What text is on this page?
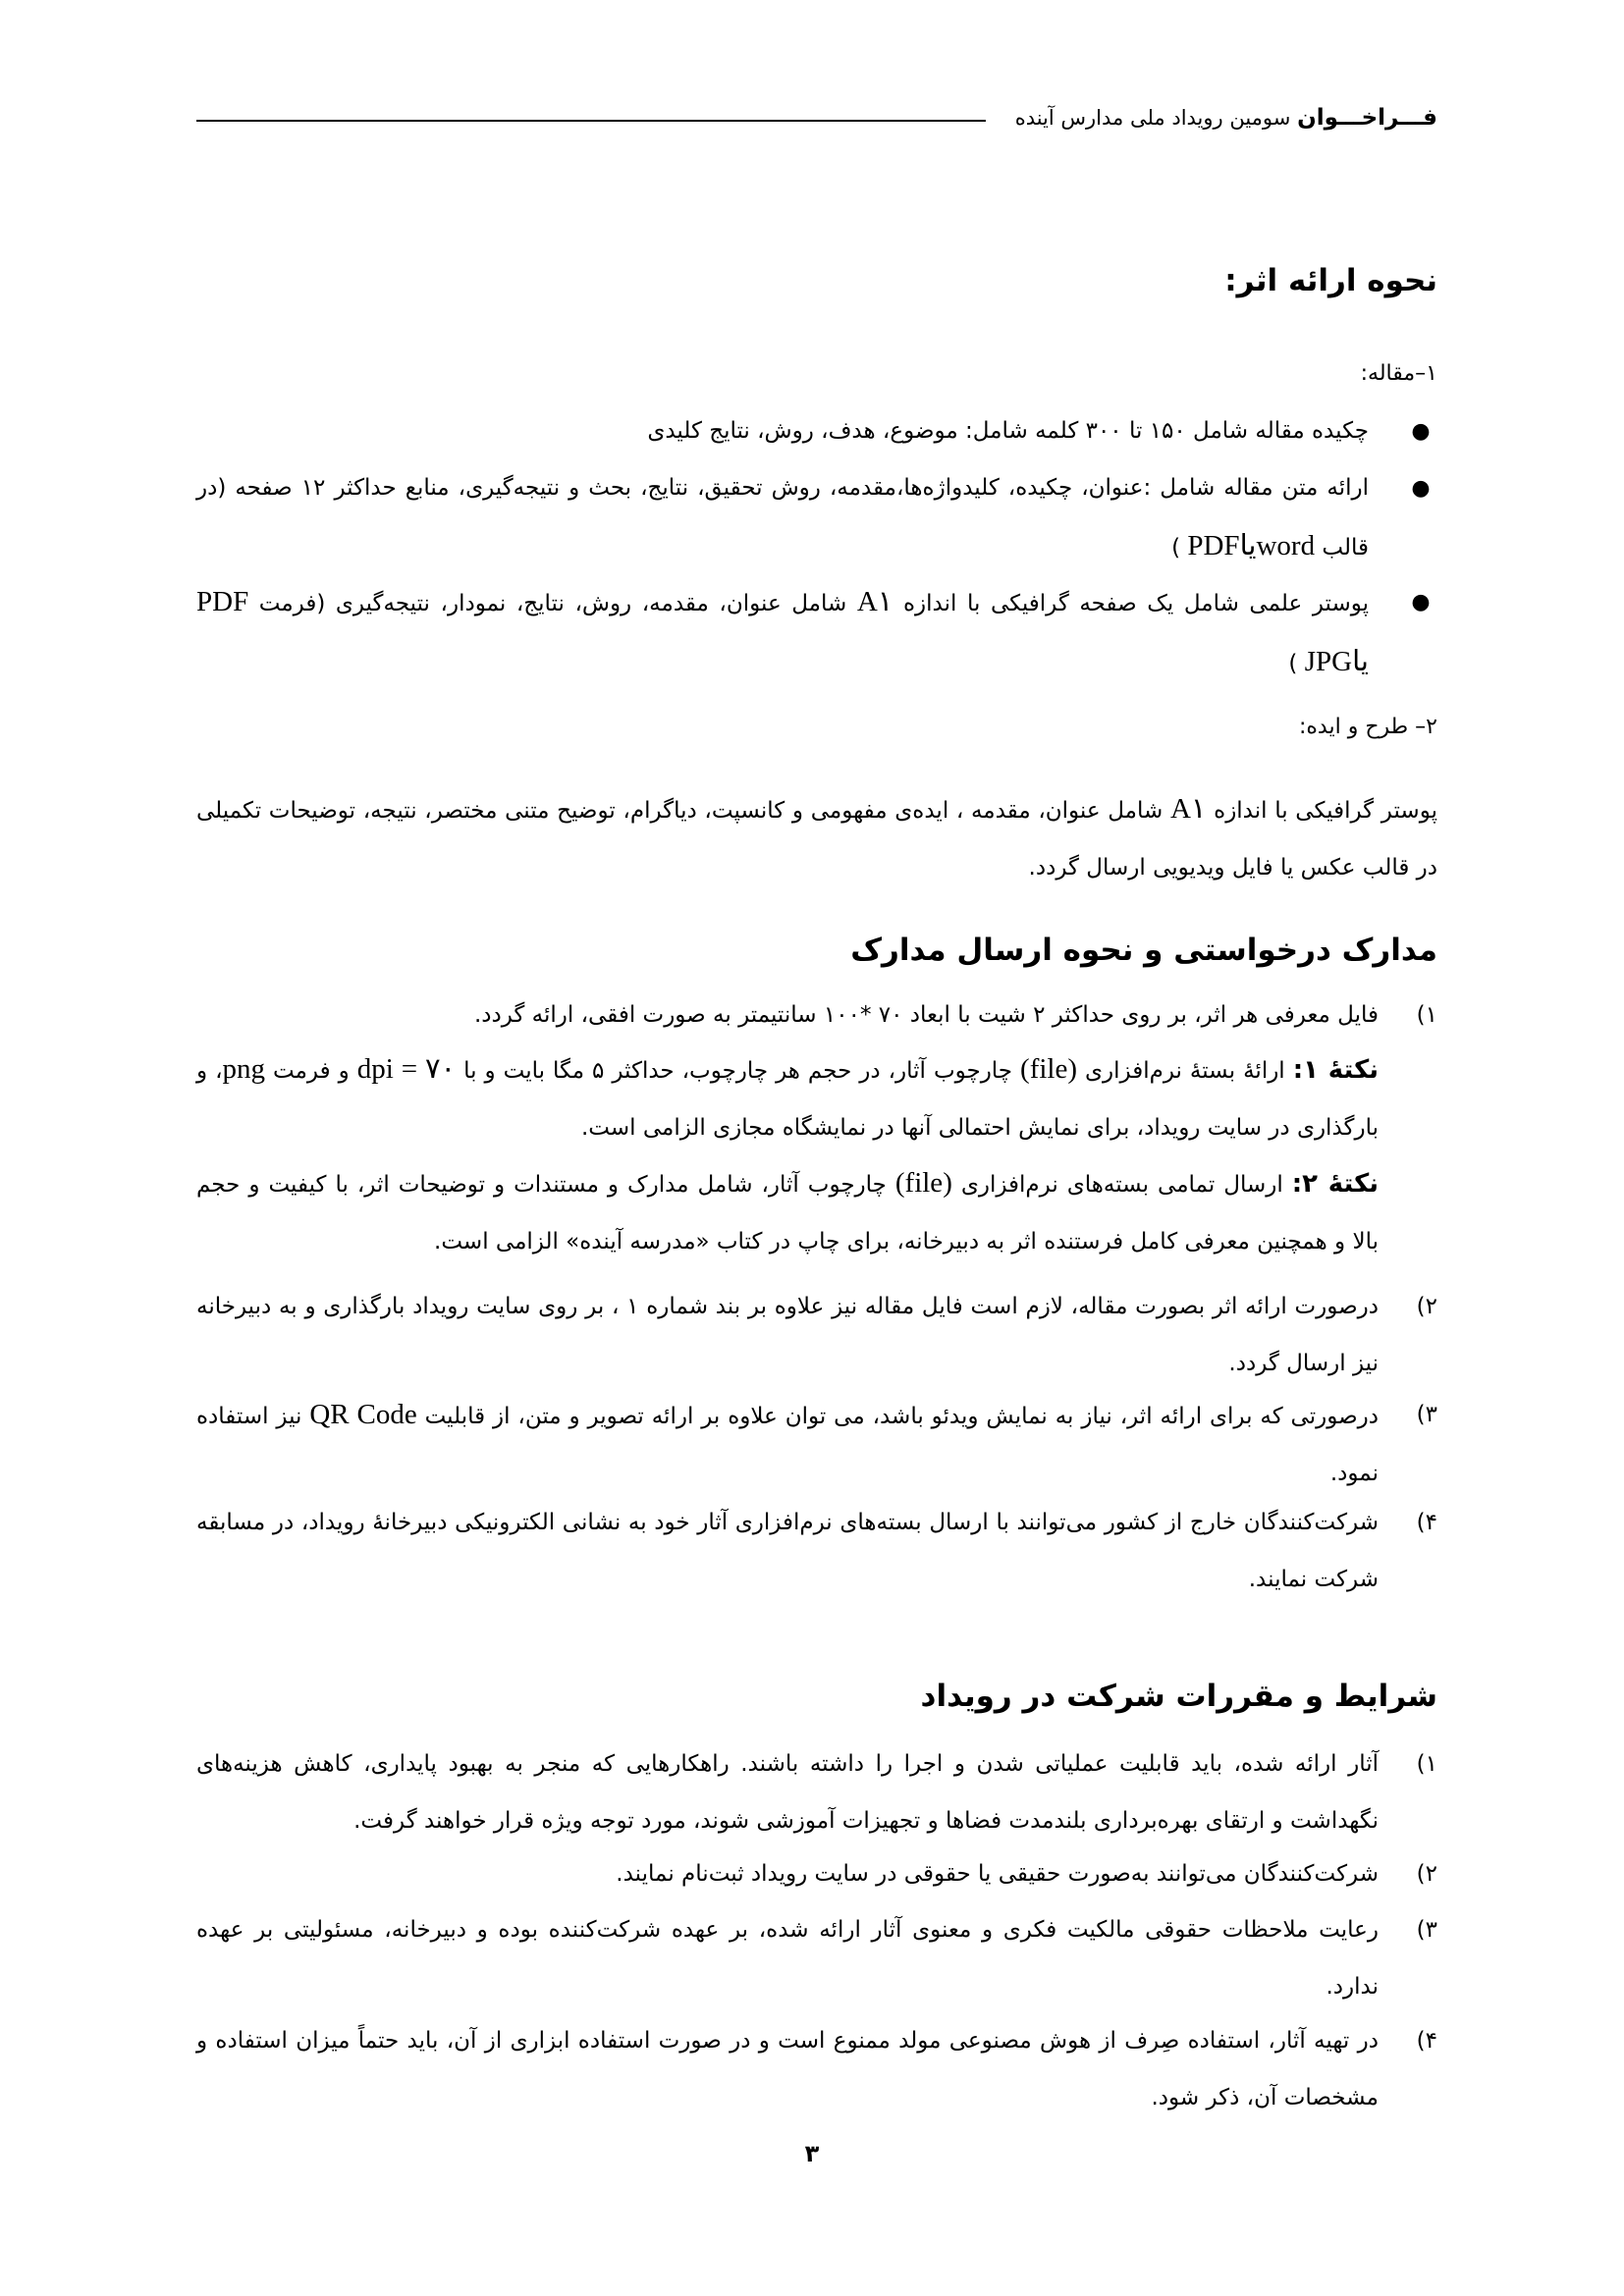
فـــراخـــوان سومین رویداد ملی مدارس آینده
نحوه ارائه اثر:
۱–مقاله:
●
چکیده مقاله شامل ۱۵۰ تا ۳۰۰ کلمه شامل: موضوع، هدف، روش، نتایج کلیدی
●
ارائه متن مقاله شامل :عنوان، چکیده، کلیدواژه‌ها،مقدمه، روش تحقیق، نتایج، بحث و نتیجه‌گیری، منابع حداکثر ۱۲ صفحه (در قالب wordیاPDF )
●
پوستر علمی شامل یک صفحه گرافیکی با اندازه A۱ شامل عنوان، مقدمه، روش، نتایج، نمودار، نتیجه‌گیری (فرمت PDF یاJPG )
۲– طرح و ایده:
پوستر گرافیکی با اندازه A۱ شامل عنوان، مقدمه ، ایده‌ی مفهومی و کانسپت، دیاگرام، توضیح متنی مختصر، نتیجه، توضیحات تکمیلی در قالب عکس یا فایل ویدیویی ارسال گردد.
مدارک درخواستی و نحوه ارسال مدارک
۱)
فایل معرفی هر اثر، بر روی حداکثر ۲ شیت با ابعاد ۷۰ *۱۰۰ سانتیمتر به صورت افقی، ارائه گردد.
نکتۀ ۱: ارائۀ بستۀ نرم‌افزاری (file) چارچوب آثار، در حجم هر چارچوب، حداکثر ۵ مگا بایت و با dpi = ۷۰ و فرمت png، و بارگذاری در سایت رویداد، برای نمایش احتمالی آنها در نمایشگاه مجازی الزامی است.
نکتۀ ۲: ارسال تمامی بسته‌های نرم‌افزاری (file) چارچوب آثار، شامل مدارک و مستندات و توضیحات اثر، با کیفیت و حجم بالا و همچنین معرفی کامل فرستنده اثر به دبیرخانه، برای چاپ در کتاب «مدرسه آینده» الزامی است.
۲)
درصورت ارائه اثر بصورت مقاله، لازم است فایل مقاله نیز علاوه بر بند شماره ۱ ، بر روی سایت رویداد بارگذاری و به دبیرخانه نیز ارسال گردد.
۳)
درصورتی که برای ارائه اثر، نیاز به نمایش ویدئو باشد، می توان علاوه بر ارائه تصویر و متن، از قابلیت QR Code نیز استفاده نمود.
۴)
شرکت‌کنندگان خارج از کشور می‌توانند با ارسال بسته‌های نرم‌افزاری آثار خود به نشانی الکترونیکی دبیرخانۀ رویداد، در مسابقه شرکت نمایند.
شرایط و مقررات شرکت در رویداد
۱)
آثار ارائه شده، باید قابلیت عملیاتی شدن و اجرا را داشته باشند. راهکارهایی که منجر به بهبود پایداری، کاهش هزینه‌های نگهداشت و ارتقای بهره‌برداری بلندمدت فضاها و تجهیزات آموزشی شوند، مورد توجه ویژه قرار خواهند گرفت.
۲)
شرکت‌کنندگان می‌توانند به‌صورت حقیقی یا حقوقی در سایت رویداد ثبت‌نام نمایند.
۳)
رعایت ملاحظات حقوقی مالکیت فکری و معنوی آثار ارائه شده، بر عهده شرکت‌کننده بوده و دبیرخانه، مسئولیتی بر عهده ندارد.
۴)
در تهیه آثار، استفاده صِرف از هوش مصنوعی مولد ممنوع است و در صورت استفاده ابزاری از آن، باید حتماً میزان استفاده و مشخصات آن، ذکر شود.
۳
